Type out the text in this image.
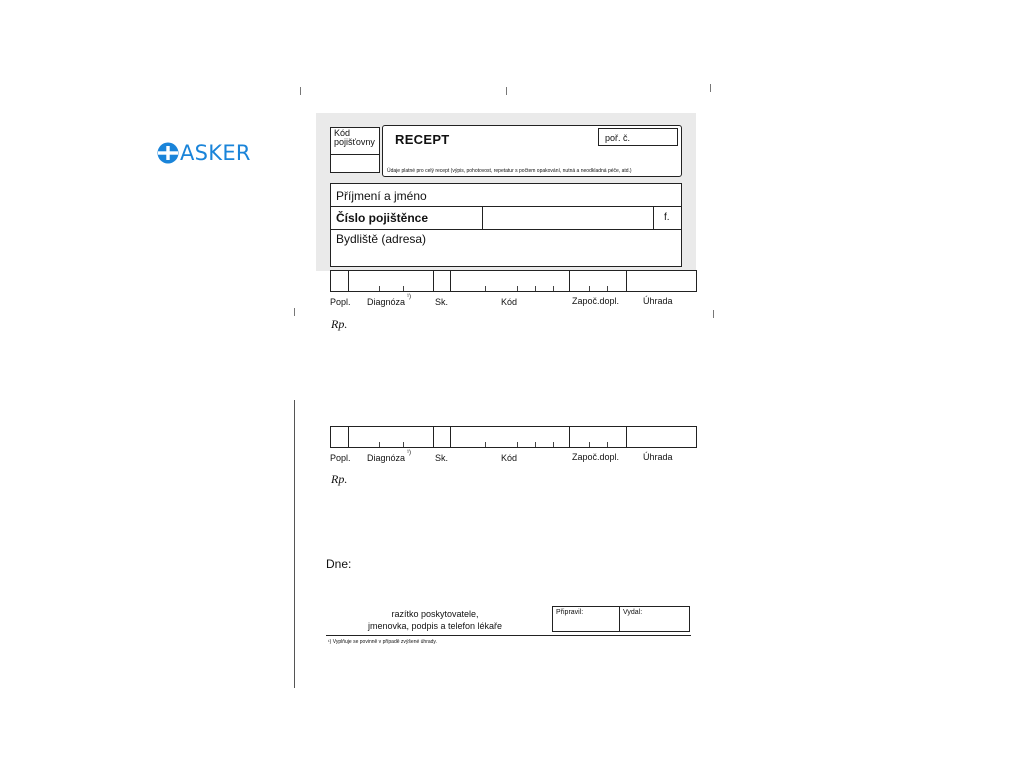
ASKER
Kód
pojišťovny RECEPT	poř. č.
Údaje platné pro celý recept (výpis, pohotovost, repetatur s počtem opakování, nutná a neodkladná péče, atd.)
Příjmení a jméno
Číslo pojištěnce	f.
Bydliště (adresa)
Popl. Diagnóza ¹)	Sk.	Kód	Započ.dopl.	Úhrada
Rp.
Popl. Diagnóza ¹)	Sk.	Kód	Započ.dopl.	Úhrada
Rp.
Dne:
razítko poskytovatele,
jmenovka, podpis a telefon lékaře
Připravil:	Vydal:
¹) Vyplňuje se povinně v případě zvýšené úhrady.
